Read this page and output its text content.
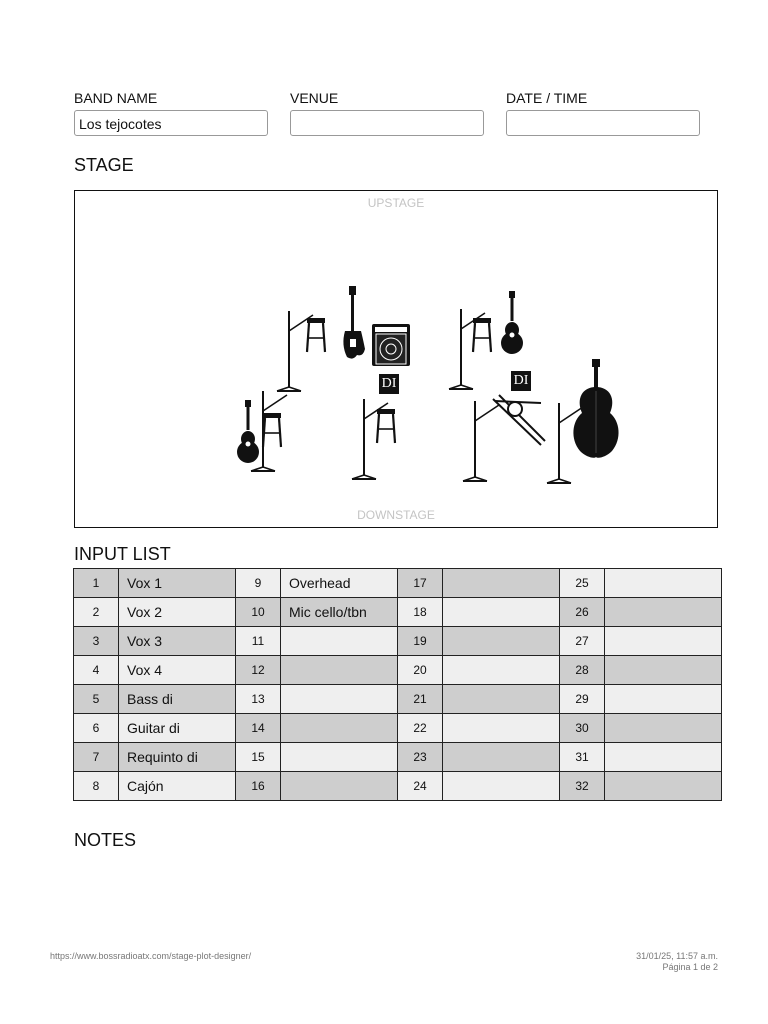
BAND NAME
Los tejocotes
VENUE	DATE / TIME
STAGE
UPSTAGE
DOWNSTAGE
DI	DI
INPUT LIST
1	Vox 1	9	Overhead	17		25	
2	Vox 2	10	Mic cello/tbn	18		26	
3	Vox 3	11		19		27	
4	Vox 4	12		20		28	
5	Bass di	13		21		29	
6	Guitar di	14		22		30	
7	Requinto di	15		23		31	
8	Cajón	16		24		32	
NOTES
https://www.bossradioatx.com/stage-plot-designer/	31/01/25, 11:57 a.m.
Página 1 de 2
